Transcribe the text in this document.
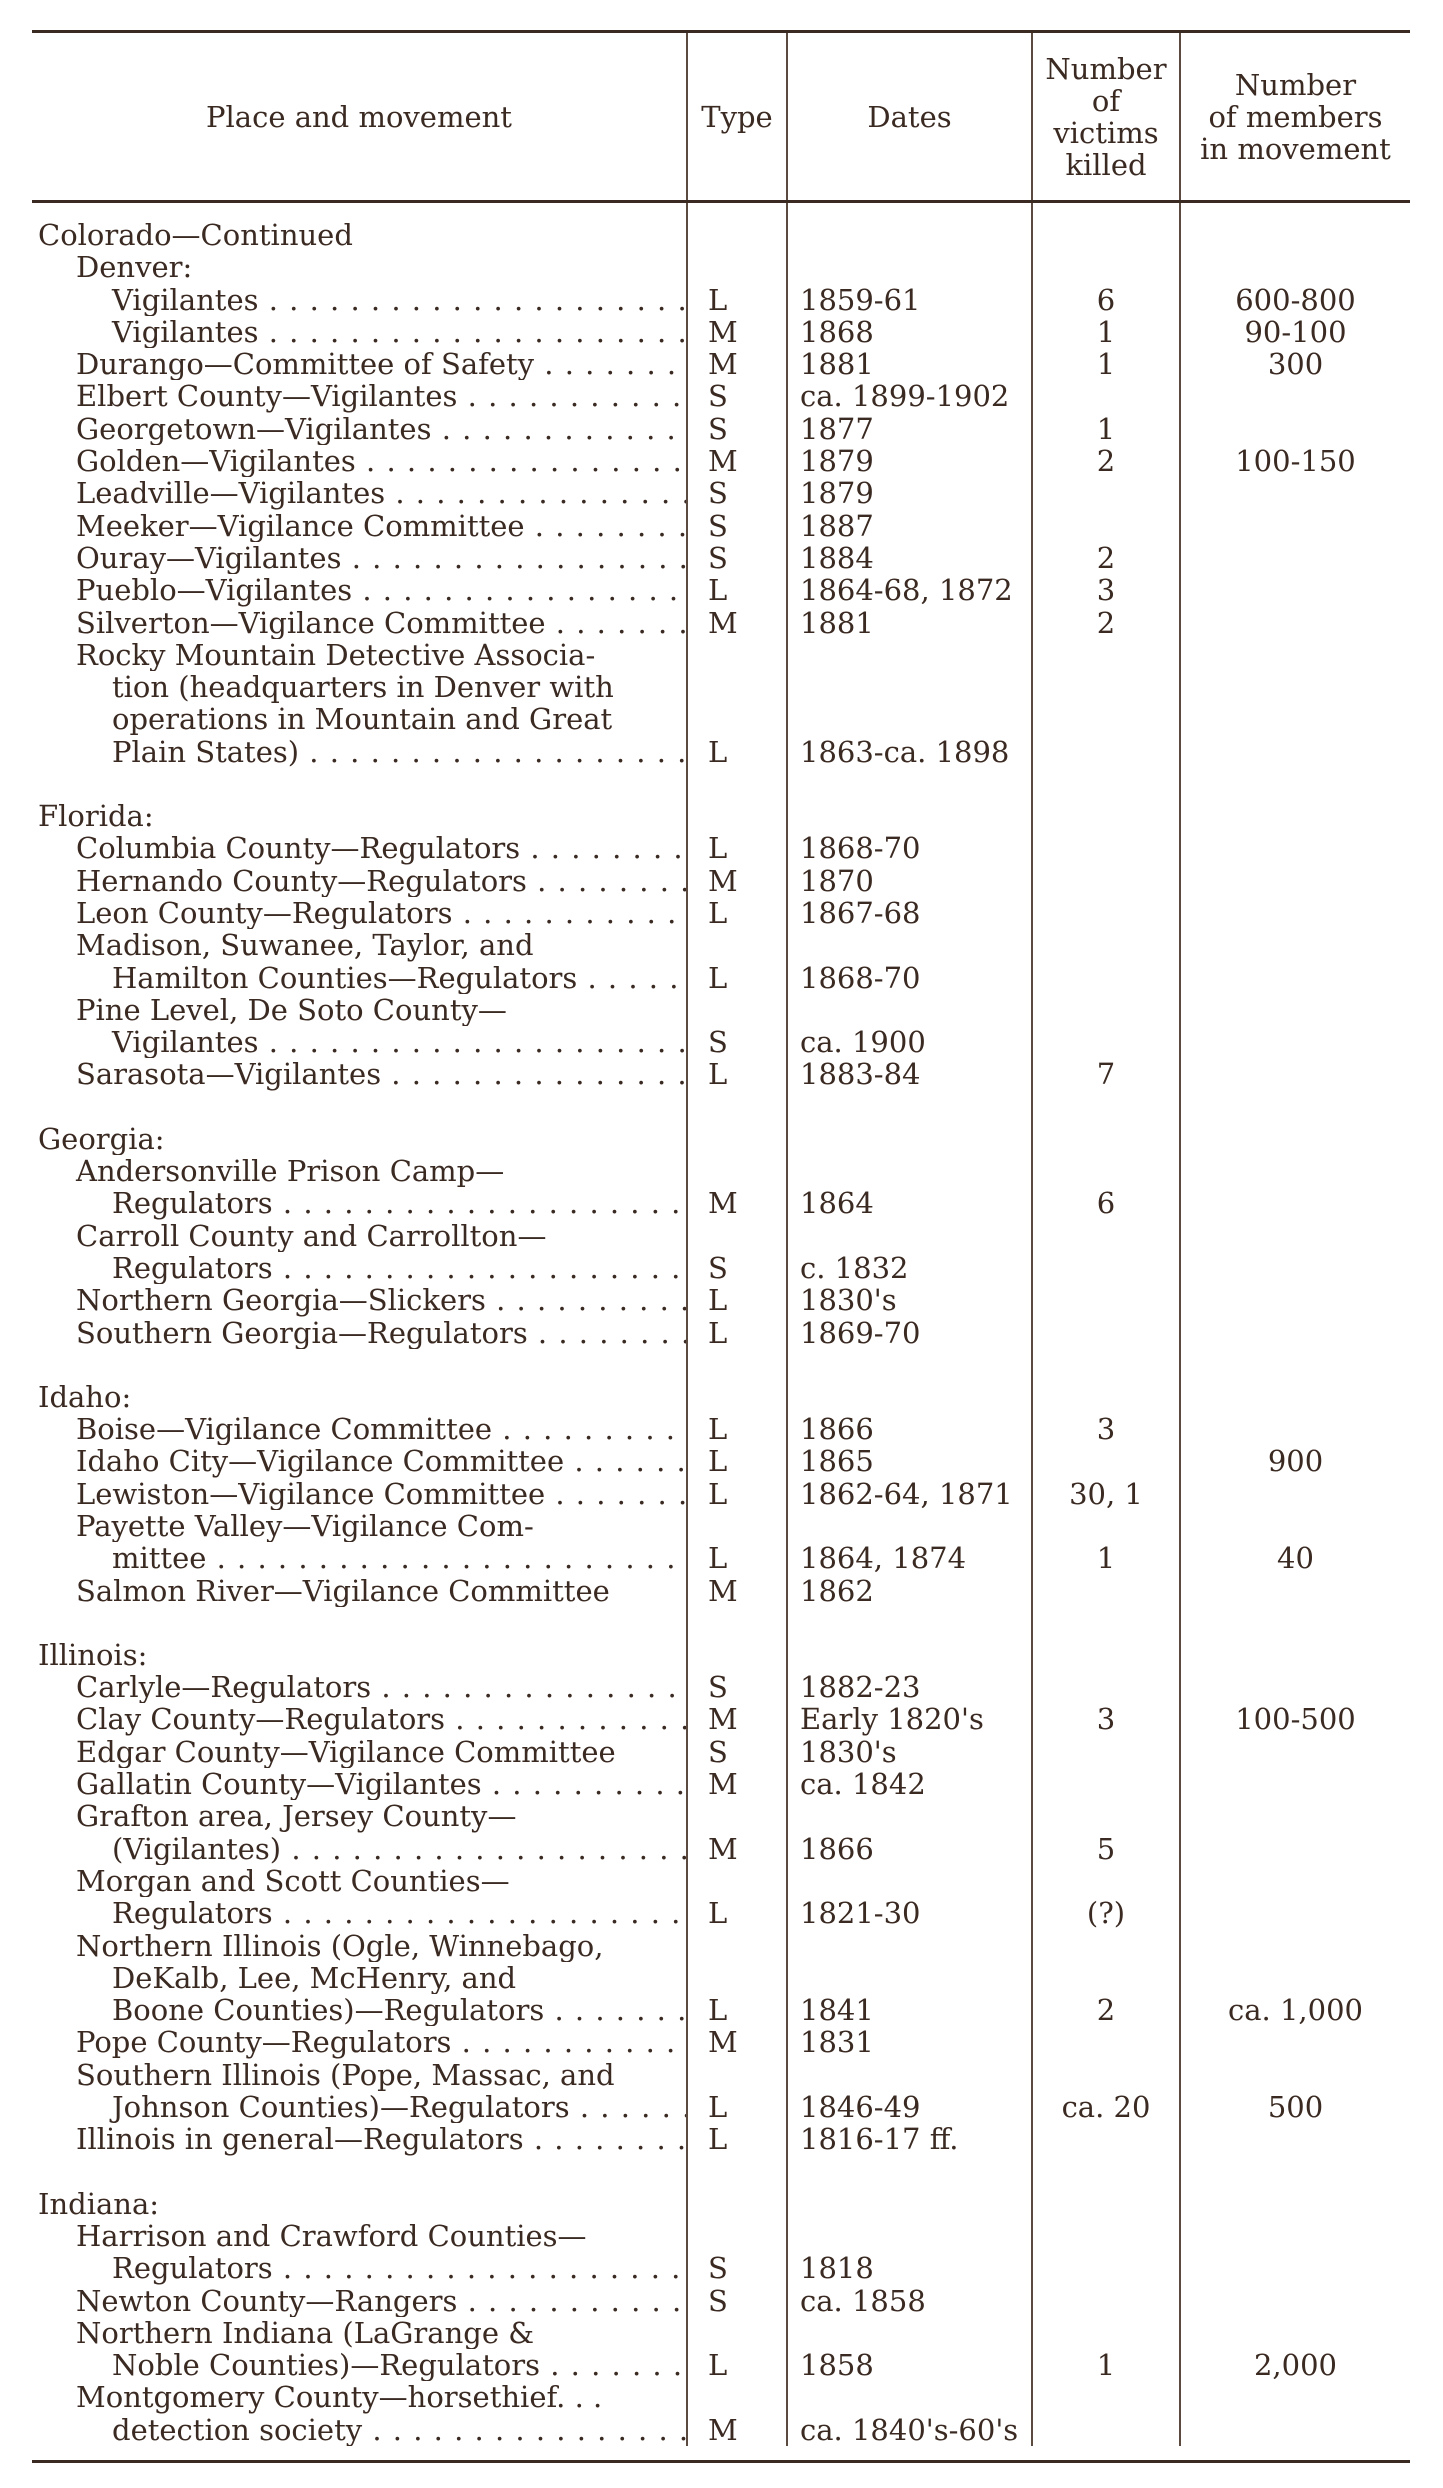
Place and movement	Type	Dates	Number
of
victims
killed	Number
of members
in movement

Colorado—Continued				
Denver:				
Vigilantes . . .	L	1859-61	6	600-800
Vigilantes . . .	M	1868	1	90-100
Durango—Committee of Safety . . .	M	1881	1	300
Elbert County—Vigilantes . . .	S	ca. 1899-1902		
Georgetown—Vigilantes . . .	S	1877	1	
Golden—Vigilantes . . .	M	1879	2	100-150
Leadville—Vigilantes . . .	S	1879		
Meeker—Vigilance Committee . . .	S	1887		
Ouray—Vigilantes . . .	S	1884	2	
Pueblo—Vigilantes . . .	L	1864-68, 1872	3	
Silverton—Vigilance Committee . . .	M	1881	2	
Rocky Mountain Detective Associa-				
tion (headquarters in Denver with				
operations in Mountain and Great				
Plain States) . . .	L	1863-ca. 1898		

Florida:				
Columbia County—Regulators . . .	L	1868-70		
Hernando County—Regulators . . .	M	1870		
Leon County—Regulators . . .	L	1867-68		
Madison, Suwanee, Taylor, and				
Hamilton Counties—Regulators . . .	L	1868-70		
Pine Level, De Soto County—				
Vigilantes . . .	S	ca. 1900		
Sarasota—Vigilantes . . .	L	1883-84	7	

Georgia:				
Andersonville Prison Camp—				
Regulators . . .	M	1864	6	
Carroll County and Carrollton—				
Regulators . . .	S	c. 1832		
Northern Georgia—Slickers . . .	L	1830's		
Southern Georgia—Regulators . . .	L	1869-70		

Idaho:				
Boise—Vigilance Committee . . .	L	1866	3	
Idaho City—Vigilance Committee . . .	L	1865		900
Lewiston—Vigilance Committee . . .	L	1862-64, 1871	30, 1	
Payette Valley—Vigilance Com-				
mittee . . .	L	1864, 1874	1	40
Salmon River—Vigilance Committee	M	1862		

Illinois:				
Carlyle—Regulators . . .	S	1882-23		
Clay County—Regulators . . .	M	Early 1820's	3	100-500
Edgar County—Vigilance Committee	S	1830's		
Gallatin County—Vigilantes . . .	M	ca. 1842		
Grafton area, Jersey County—				
(Vigilantes) . . .	M	1866	5	
Morgan and Scott Counties—				
Regulators . . .	L	1821-30	(?)	
Northern Illinois (Ogle, Winnebago,				
DeKalb, Lee, McHenry, and				
Boone Counties)—Regulators . . .	L	1841	2	ca. 1,000
Pope County—Regulators . . .	M	1831		
Southern Illinois (Pope, Massac, and				
Johnson Counties)—Regulators . . .	L	1846-49	ca. 20	500
Illinois in general—Regulators . . .	L	1816-17 ff.		

Indiana:				
Harrison and Crawford Counties—				
Regulators . . .	S	1818		
Newton County—Rangers . . .	S	ca. 1858		
Northern Indiana (LaGrange &				
Noble Counties)—Regulators . . .	L	1858	1	2,000
Montgomery County—horsethief. . .				
detection society . . .	M	ca. 1840's-60's		
